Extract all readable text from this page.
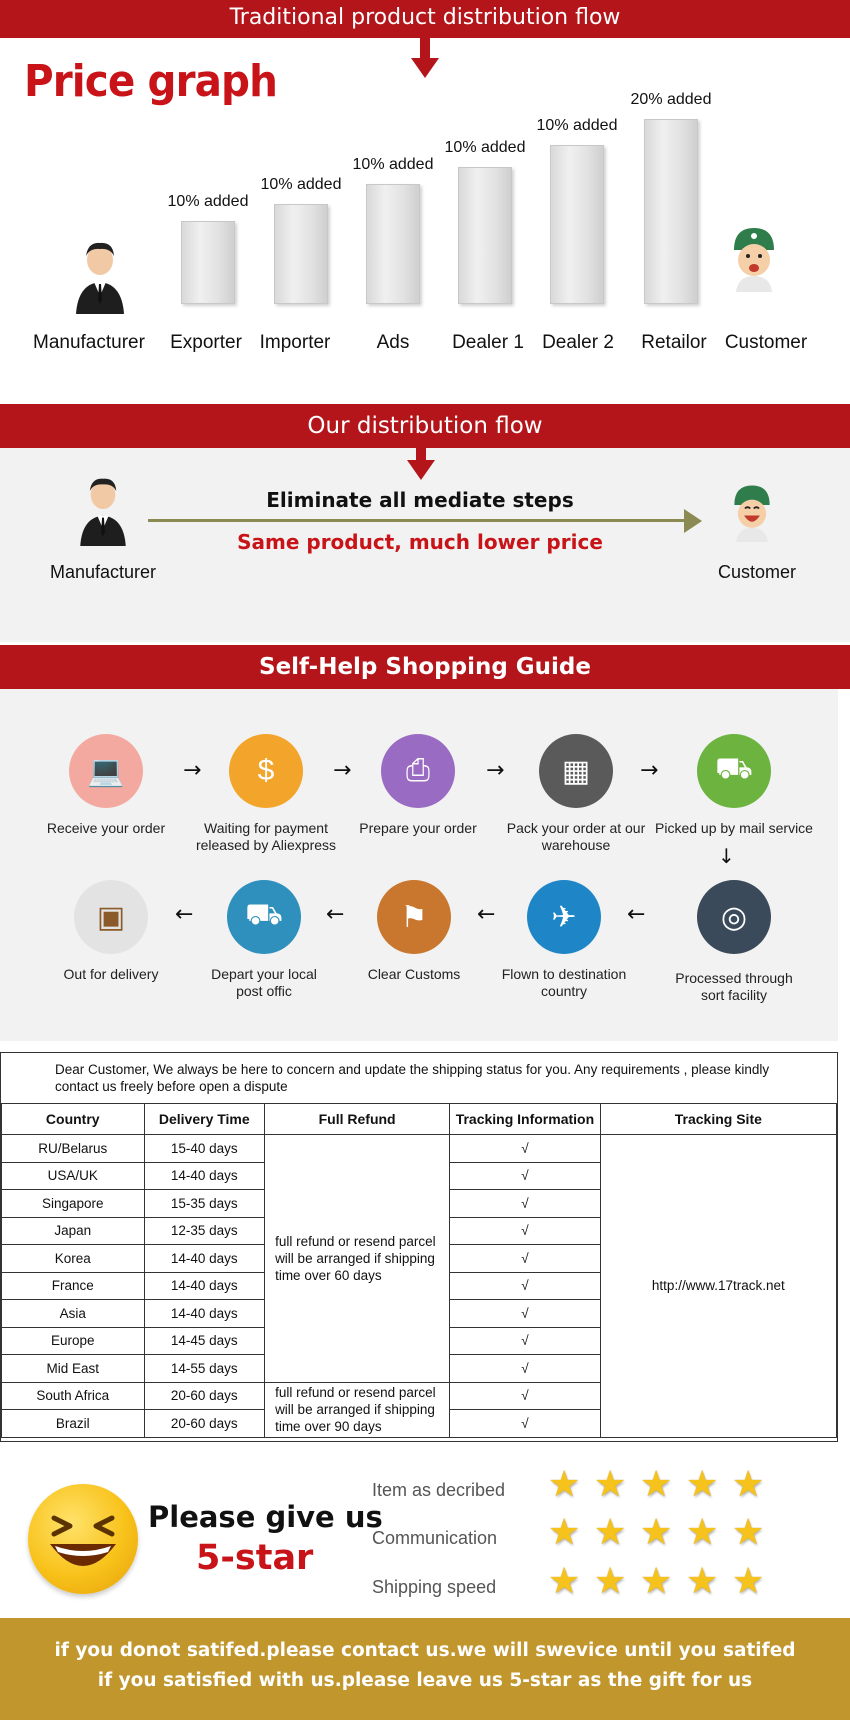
Traditional product distribution flow
Price graph
10% added
10% added
10% added
10% added
10% added
20% added
Manufacturer	Exporter Importer	Ads	Dealer 1 Dealer 2	Retailor Customer
Our distribution flow
Manufacturer
Eliminate all mediate steps
Same product, much lower price
Customer
Self-Help Shopping Guide
💻
Receive your order
$
Waiting for payment released by Aliexpress
⎙
Prepare your order
▦
Pack your order at our warehouse
⛟
Picked up by mail service
◎
Processed through sort facility
✈
Flown to destination country
⚑
Clear Customs
⛟
Depart your local post offic
▣
Out for delivery
→	→	→	→
←	←	←	←
↓
Dear Customer, We always be here to concern and update the shipping status for you. Any requirements , please kindly contact us freely before open a dispute
Country	Delivery Time	Full Refund	Tracking Information	Tracking Site
RU/Belarus	15-40 days	full refund or resend parcel will be arranged if shipping time over 60 days	√	http://www.17track.net
USA/UK	14-40 days		√	
Singapore	15-35 days		√	
Japan	12-35 days		√	
Korea	14-40 days		√	
France	14-40 days		√	
Asia	14-40 days		√	
Europe	14-45 days		√	
Mid East	14-55 days		√	
South Africa	20-60 days	full refund or resend parcel will be arranged if shipping time over 90 days	√	
Brazil	20-60 days		√	
Please give us
5-star
Item as decribed ★ ★ ★ ★ ★
Communication ★ ★ ★ ★ ★
Shipping speed ★ ★ ★ ★ ★
if you donot satifed.please contact us.we will swevice until you satifed
if you satisfied with us.please leave us 5-star as the gift for us
